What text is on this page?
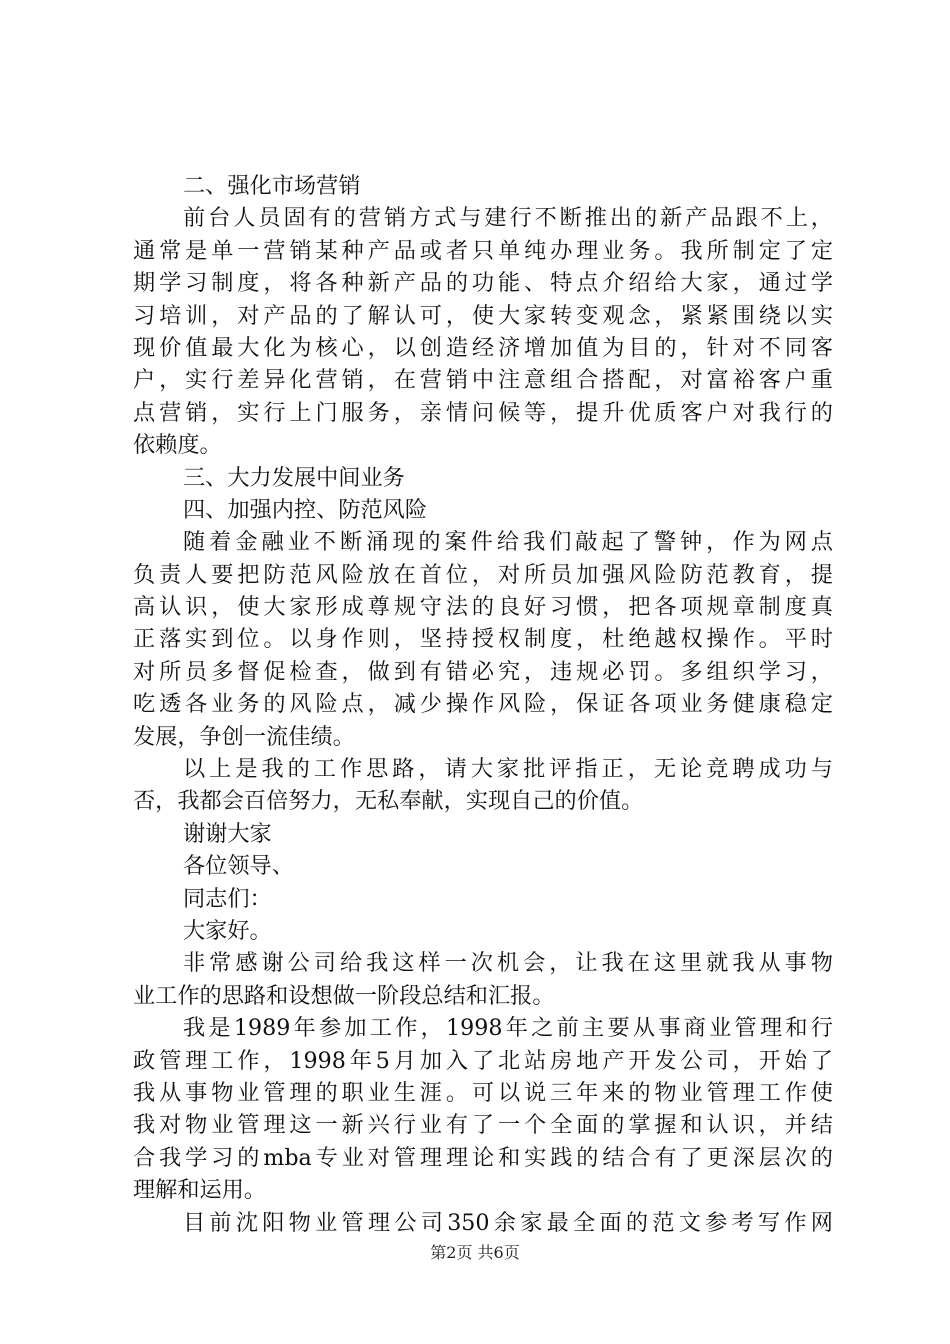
二、强化市场营销
前台人员固有的营销方式与建行不断推出的新产品跟不上，
通常是单一营销某种产品或者只单纯办理业务。我所制定了定
期学习制度，将各种新产品的功能、特点介绍给大家，通过学
习培训，对产品的了解认可，使大家转变观念，紧紧围绕以实
现价值最大化为核心，以创造经济增加值为目的，针对不同客
户，实行差异化营销，在营销中注意组合搭配，对富裕客户重
点营销，实行上门服务，亲情问候等，提升优质客户对我行的
依赖度。
三、大力发展中间业务
四、加强内控、防范风险
随着金融业不断涌现的案件给我们敲起了警钟，作为网点
负责人要把防范风险放在首位，对所员加强风险防范教育，提
高认识，使大家形成尊规守法的良好习惯，把各项规章制度真
正落实到位。以身作则，坚持授权制度，杜绝越权操作。平时
对所员多督促检查，做到有错必究，违规必罚。多组织学习，
吃透各业务的风险点，减少操作风险，保证各项业务健康稳定
发展，争创一流佳绩。
以上是我的工作思路，请大家批评指正，无论竞聘成功与
否，我都会百倍努力，无私奉献，实现自己的价值。
谢谢大家
各位领导、
同志们：
大家好。
非常感谢公司给我这样一次机会，让我在这里就我从事物
业工作的思路和设想做一阶段总结和汇报。
我是1989年参加工作，1998年之前主要从事商业管理和行
政管理工作，1998年5月加入了北站房地产开发公司，开始了
我从事物业管理的职业生涯。可以说三年来的物业管理工作使
我对物业管理这一新兴行业有了一个全面的掌握和认识，并结
合我学习的mba专业对管理理论和实践的结合有了更深层次的
理解和运用。
目前沈阳物业管理公司350余家最全面的范文参考写作网
第2页 共6页
